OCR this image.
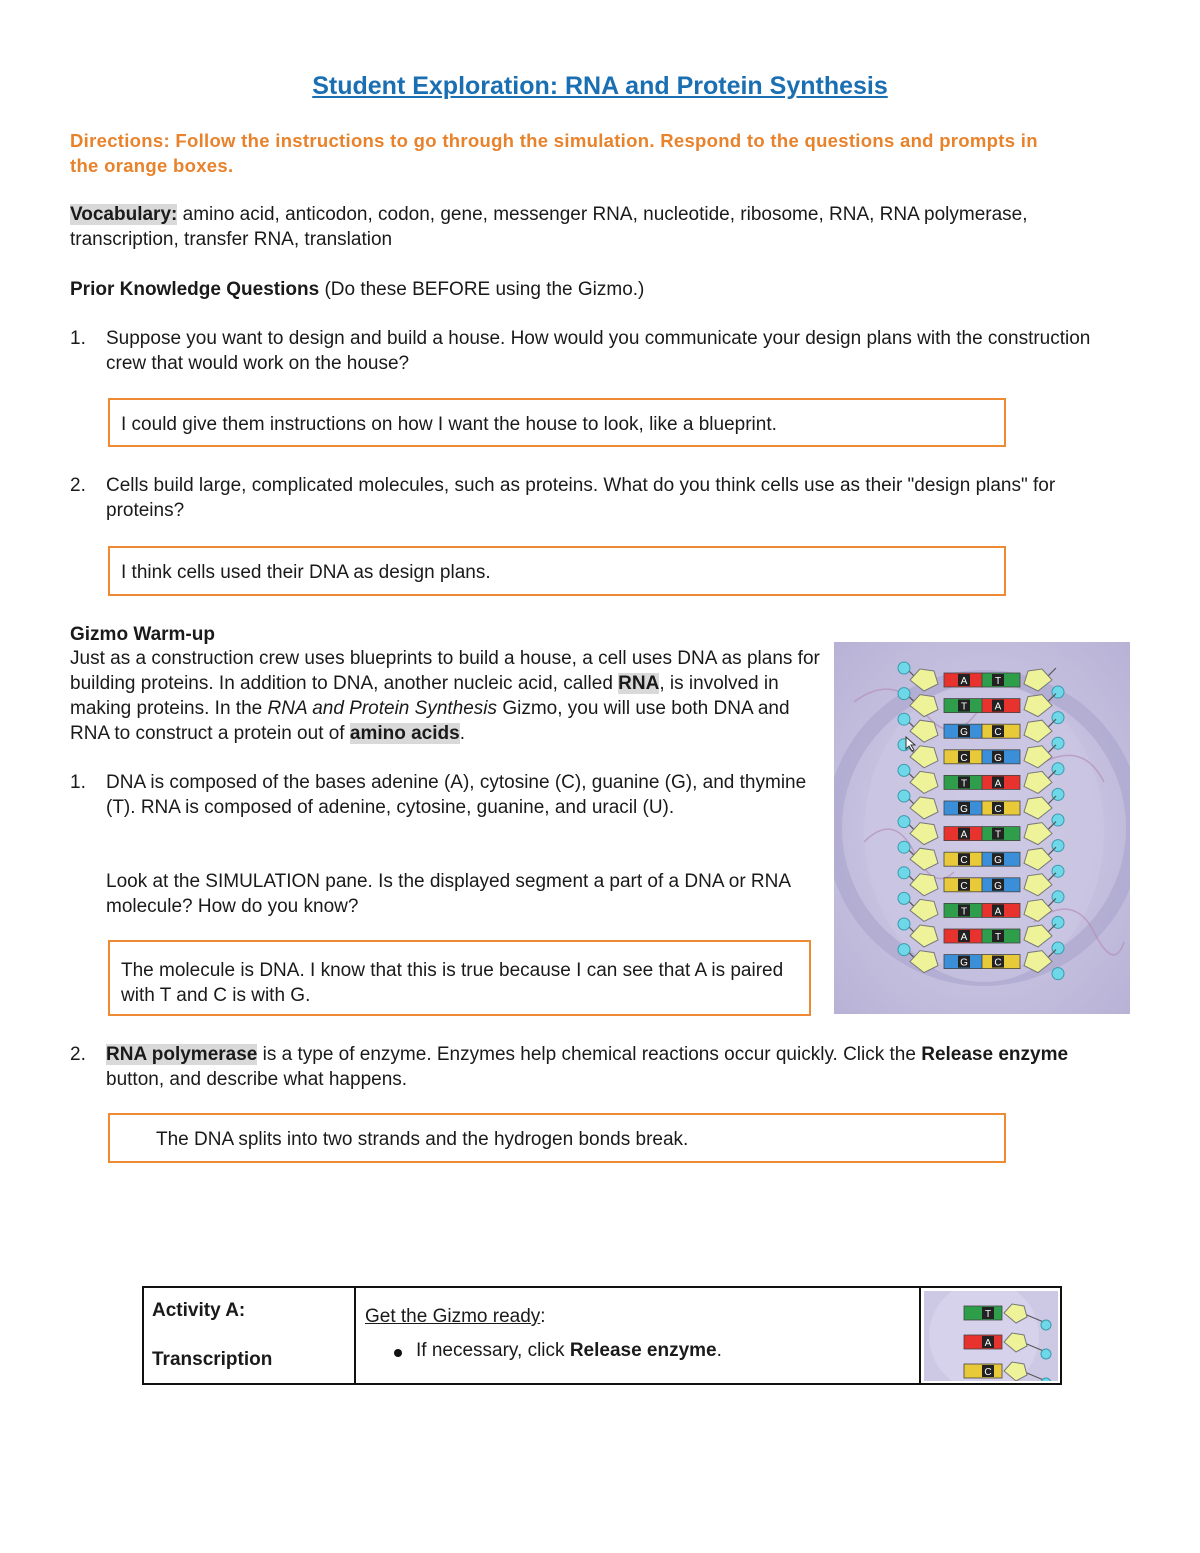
Student Exploration: RNA and Protein Synthesis
Directions: Follow the instructions to go through the simulation. Respond to the questions and prompts in the orange boxes.
Vocabulary: amino acid, anticodon, codon, gene, messenger RNA, nucleotide, ribosome, RNA, RNA polymerase, transcription, transfer RNA, translation
Prior Knowledge Questions (Do these BEFORE using the Gizmo.)
1. Suppose you want to design and build a house. How would you communicate your design plans with the construction crew that would work on the house?
I could give them instructions on how I want the house to look, like a blueprint.
2. Cells build large, complicated molecules, such as proteins. What do you think cells use as their "design plans" for proteins?
I think cells used their DNA as design plans.
Gizmo Warm-up
Just as a construction crew uses blueprints to build a house, a cell uses DNA as plans for building proteins. In addition to DNA, another nucleic acid, called RNA, is involved in making proteins. In the RNA and Protein Synthesis Gizmo, you will use both DNA and RNA to construct a protein out of amino acids.
1. DNA is composed of the bases adenine (A), cytosine (C), guanine (G), and thymine (T). RNA is composed of adenine, cytosine, guanine, and uracil (U).
Look at the SIMULATION pane. Is the displayed segment a part of a DNA or RNA molecule? How do you know?
The molecule is DNA. I know that this is true because I can see that A is paired with T and C is with G.
A	T
T	A
G	C
C	G
T	A
G	C
A	T
C	G
C	G
T	A
A	T
G	C
2. RNA polymerase is a type of enzyme. Enzymes help chemical reactions occur quickly. Click the Release enzyme button, and describe what happens.
The DNA splits into two strands and the hydrogen bonds break.
Activity A:
Transcription
Get the Gizmo ready:
If necessary, click Release enzyme.
T
A
C
